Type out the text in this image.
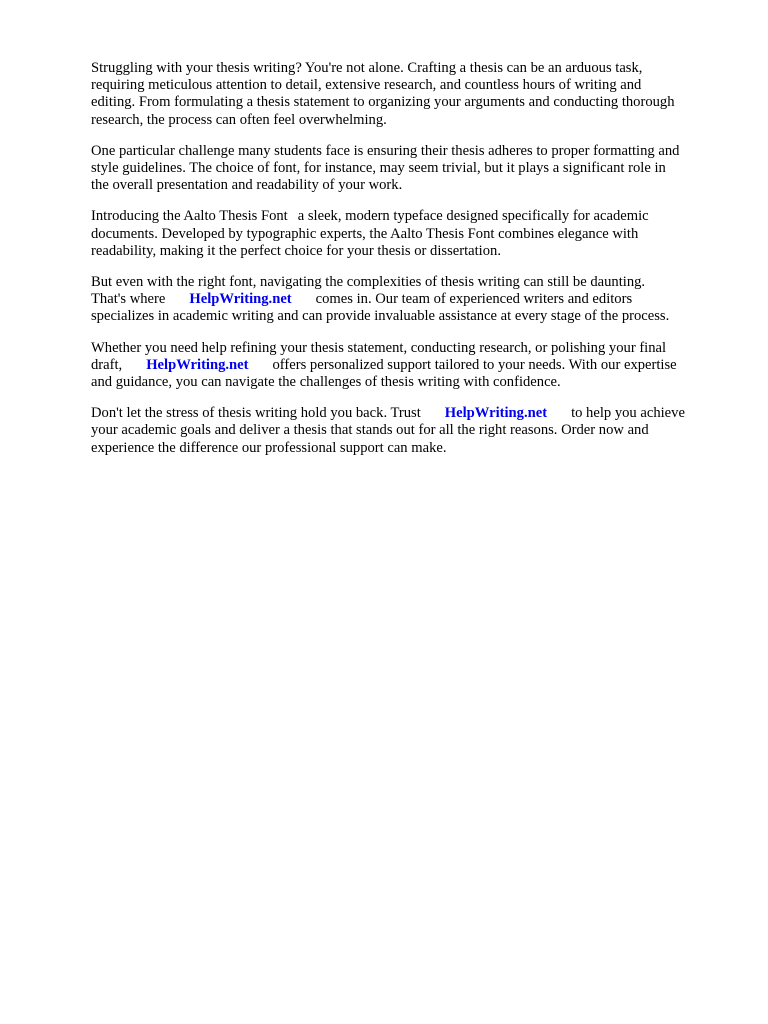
Struggling with your thesis writing? You're not alone. Crafting a thesis can be an arduous task,
requiring meticulous attention to detail, extensive research, and countless hours of writing and
editing. From formulating a thesis statement to organizing your arguments and conducting thorough
research, the process can often feel overwhelming.

One particular challenge many students face is ensuring their thesis adheres to proper formatting and
style guidelines. The choice of font, for instance, may seem trivial, but it plays a significant role in
the overall presentation and readability of your work.

Introducing the Aalto Thesis Font a sleek, modern typeface designed specifically for academic
documents. Developed by typographic experts, the Aalto Thesis Font combines elegance with
readability, making it the perfect choice for your thesis or dissertation.

But even with the right font, navigating the complexities of thesis writing can still be daunting.
That's where HelpWriting.net comes in. Our team of experienced writers and editors
specializes in academic writing and can provide invaluable assistance at every stage of the process.

Whether you need help refining your thesis statement, conducting research, or polishing your final
draft, HelpWriting.net offers personalized support tailored to your needs. With our expertise
and guidance, you can navigate the challenges of thesis writing with confidence.

Don't let the stress of thesis writing hold you back. Trust HelpWriting.net to help you achieve
your academic goals and deliver a thesis that stands out for all the right reasons. Order now and
experience the difference our professional support can make.
